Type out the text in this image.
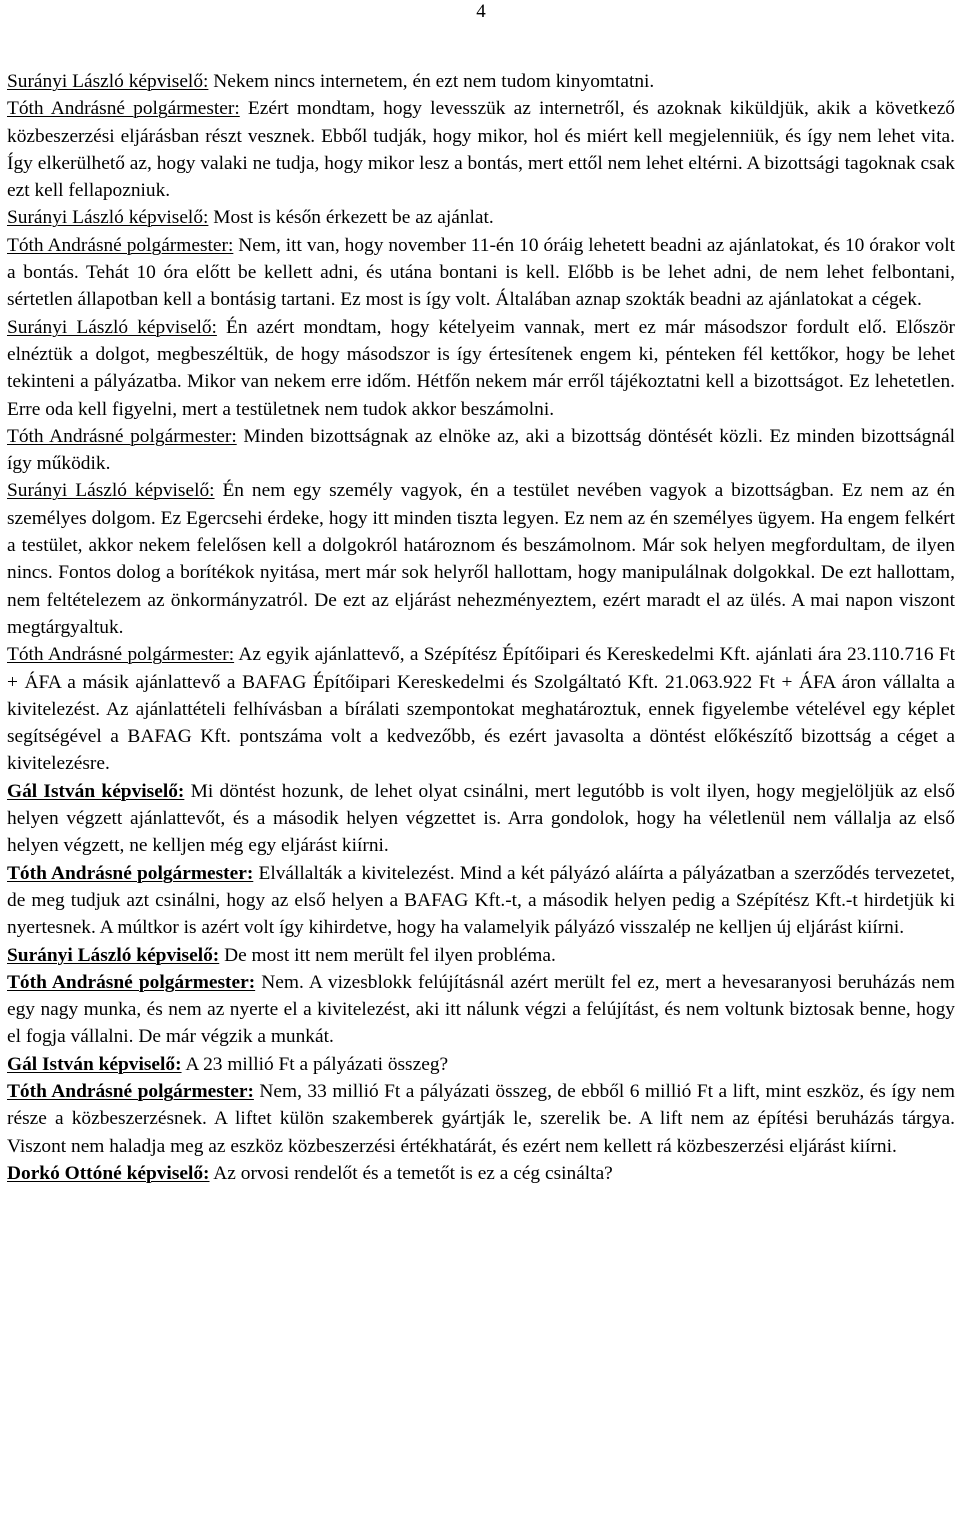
4

Surányi László képviselő: Nekem nincs internetem, én ezt nem tudom kinyomtatni.

Tóth Andrásné polgármester: Ezért mondtam, hogy levesszük az internetről, és azoknak kiküldjük, akik a következő közbeszerzési eljárásban részt vesznek. Ebből tudják, hogy mikor, hol és miért kell megjelenniük, és így nem lehet vita. Így elkerülhető az, hogy valaki ne tudja, hogy mikor lesz a bontás, mert ettől nem lehet eltérni. A bizottsági tagoknak csak ezt kell fellapozniuk.

Surányi László képviselő: Most is későn érkezett be az ajánlat.

Tóth Andrásné polgármester: Nem, itt van, hogy november 11-én 10 óráig lehetett beadni az ajánlatokat, és 10 órakor volt a bontás. Tehát 10 óra előtt be kellett adni, és utána bontani is kell. Előbb is be lehet adni, de nem lehet felbontani, sértetlen állapotban kell a bontásig tartani. Ez most is így volt. Általában aznap szokták beadni az ajánlatokat a cégek.

Surányi László képviselő: Én azért mondtam, hogy kételyeim vannak, mert ez már másodszor fordult elő. Először elnéztük a dolgot, megbeszéltük, de hogy másodszor is így értesítenek engem ki, pénteken fél kettőkor, hogy be lehet tekinteni a pályázatba. Mikor van nekem erre időm. Hétfőn nekem már erről tájékoztatni kell a bizottságot. Ez lehetetlen. Erre oda kell figyelni, mert a testületnek nem tudok akkor beszámolni.

Tóth Andrásné polgármester: Minden bizottságnak az elnöke az, aki a bizottság döntését közli. Ez minden bizottságnál így működik.

Surányi László képviselő: Én nem egy személy vagyok, én a testület nevében vagyok a bizottságban. Ez nem az én személyes dolgom. Ez Egercsehi érdeke, hogy itt minden tiszta legyen. Ez nem az én személyes ügyem. Ha engem felkért a testület, akkor nekem felelősen kell a dolgokról határoznom és beszámolnom. Már sok helyen megfordultam, de ilyen nincs. Fontos dolog a borítékok nyitása, mert már sok helyről hallottam, hogy manipulálnak dolgokkal. De ezt hallottam, nem feltételezem az önkormányzatról. De ezt az eljárást nehezményeztem, ezért maradt el az ülés. A mai napon viszont megtárgyaltuk.

Tóth Andrásné polgármester: Az egyik ajánlattevő, a Szépítész Építőipari és Kereskedelmi Kft. ajánlati ára 23.110.716 Ft + ÁFA a másik ajánlattevő a BAFAG Építőipari Kereskedelmi és Szolgáltató Kft. 21.063.922 Ft + ÁFA áron vállalta a kivitelezést. Az ajánlattételi felhívásban a bírálati szempontokat meghatároztuk, ennek figyelembe vételével egy képlet segítségével a BAFAG Kft. pontszáma volt a kedvezőbb, és ezért javasolta a döntést előkészítő bizottság a céget a kivitelezésre.

Gál István képviselő: Mi döntést hozunk, de lehet olyat csinálni, mert legutóbb is volt ilyen, hogy megjelöljük az első helyen végzett ajánlattevőt, és a második helyen végzettet is. Arra gondolok, hogy ha véletlenül nem vállalja az első helyen végzett, ne kelljen még egy eljárást kiírni.

Tóth Andrásné polgármester: Elvállalták a kivitelezést. Mind a két pályázó aláírta a pályázatban a szerződés tervezetet, de meg tudjuk azt csinálni, hogy az első helyen a BAFAG Kft.-t, a második helyen pedig a Szépítész Kft.-t hirdetjük ki nyertesnek. A múltkor is azért volt így kihirdetve, hogy ha valamelyik pályázó visszalép ne kelljen új eljárást kiírni.

Surányi László képviselő: De most itt nem merült fel ilyen probléma.

Tóth Andrásné polgármester: Nem. A vizesblokk felújításnál azért merült fel ez, mert a hevesaranyosi beruházás nem egy nagy munka, és nem az nyerte el a kivitelezést, aki itt nálunk végzi a felújítást, és nem voltunk biztosak benne, hogy el fogja vállalni. De már végzik a munkát.

Gál István képviselő: A 23 millió Ft a pályázati összeg?

Tóth Andrásné polgármester: Nem, 33 millió Ft a pályázati összeg, de ebből 6 millió Ft a lift, mint eszköz, és így nem része a közbeszerzésnek. A liftet külön szakemberek gyártják le, szerelik be. A lift nem az építési beruházás tárgya. Viszont nem haladja meg az eszköz közbeszerzési értékhatárát, és ezért nem kellett rá közbeszerzési eljárást kiírni.

Dorkó Ottóné képviselő: Az orvosi rendelőt és a temetőt is ez a cég csinálta?
